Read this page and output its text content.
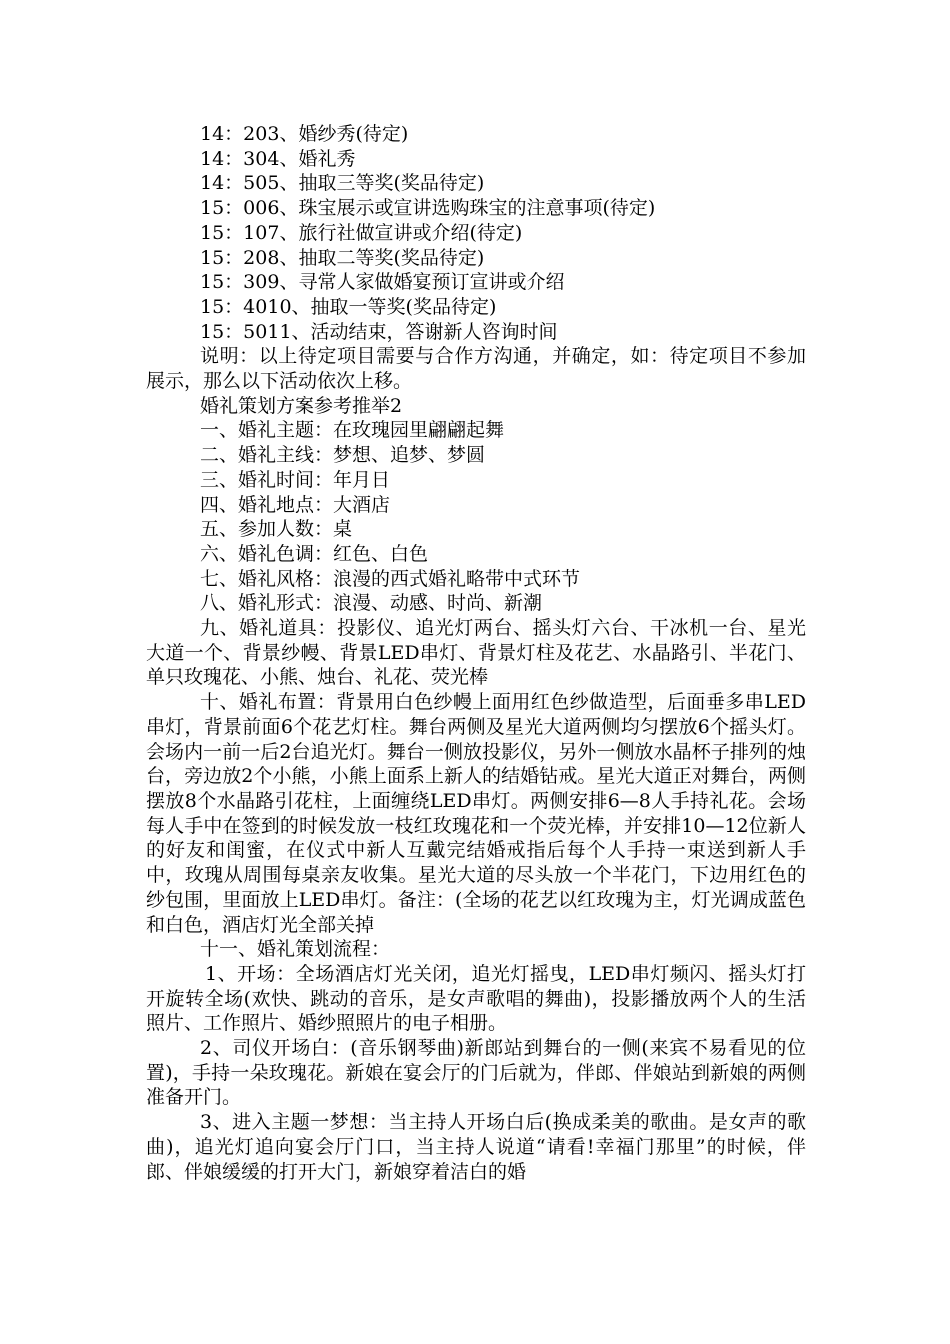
14：203、婚纱秀(待定)

14：304、婚礼秀

14：505、抽取三等奖(奖品待定)

15：006、珠宝展示或宣讲选购珠宝的注意事项(待定)

15：107、旅行社做宣讲或介绍(待定)

15：208、抽取二等奖(奖品待定)

15：309、寻常人家做婚宴预订宣讲或介绍

15：4010、抽取一等奖(奖品待定)

15：5011、活动结束，答谢新人咨询时间

说明：以上待定项目需要与合作方沟通，并确定，如：待定项目不参加展示，那么以下活动依次上移。

婚礼策划方案参考推举2

一、婚礼主题：在玫瑰园里翩翩起舞

二、婚礼主线：梦想、追梦、梦圆

三、婚礼时间：年月日

四、婚礼地点：大酒店

五、参加人数：桌

六、婚礼色调：红色、白色

七、婚礼风格：浪漫的西式婚礼略带中式环节

八、婚礼形式：浪漫、动感、时尚、新潮

九、婚礼道具：投影仪、追光灯两台、摇头灯六台、干冰机一台、星光大道一个、背景纱幔、背景LED串灯、背景灯柱及花艺、水晶路引、半花门、单只玫瑰花、小熊、烛台、礼花、荧光棒

十、婚礼布置：背景用白色纱幔上面用红色纱做造型，后面垂多串LED串灯，背景前面6个花艺灯柱。舞台两侧及星光大道两侧均匀摆放6个摇头灯。会场内一前一后2台追光灯。舞台一侧放投影仪，另外一侧放水晶杯子排列的烛台，旁边放2个小熊，小熊上面系上新人的结婚钻戒。星光大道正对舞台，两侧摆放8个水晶路引花柱，上面缠绕LED串灯。两侧安排6—8人手持礼花。会场每人手中在签到的时候发放一枝红玫瑰花和一个荧光棒，并安排10—12位新人的好友和闺蜜，在仪式中新人互戴完结婚戒指后每个人手持一束送到新人手中，玫瑰从周围每桌亲友收集。星光大道的尽头放一个半花门，下边用红色的纱包围，里面放上LED串灯。备注：(全场的花艺以红玫瑰为主，灯光调成蓝色和白色，酒店灯光全部关掉

十一、婚礼策划流程：

1、开场：全场酒店灯光关闭，追光灯摇曳，LED串灯频闪、摇头灯打开旋转全场(欢快、跳动的音乐，是女声歌唱的舞曲)，投影播放两个人的生活照片、工作照片、婚纱照照片的电子相册。

2、司仪开场白：(音乐钢琴曲)新郎站到舞台的一侧(来宾不易看见的位置)，手持一朵玫瑰花。新娘在宴会厅的门后就为，伴郎、伴娘站到新娘的两侧准备开门。

3、进入主题一梦想：当主持人开场白后(换成柔美的歌曲。是女声的歌曲)，追光灯追向宴会厅门口，当主持人说道“请看!幸福门那里”的时候，伴郎、伴娘缓缓的打开大门，新娘穿着洁白的婚
